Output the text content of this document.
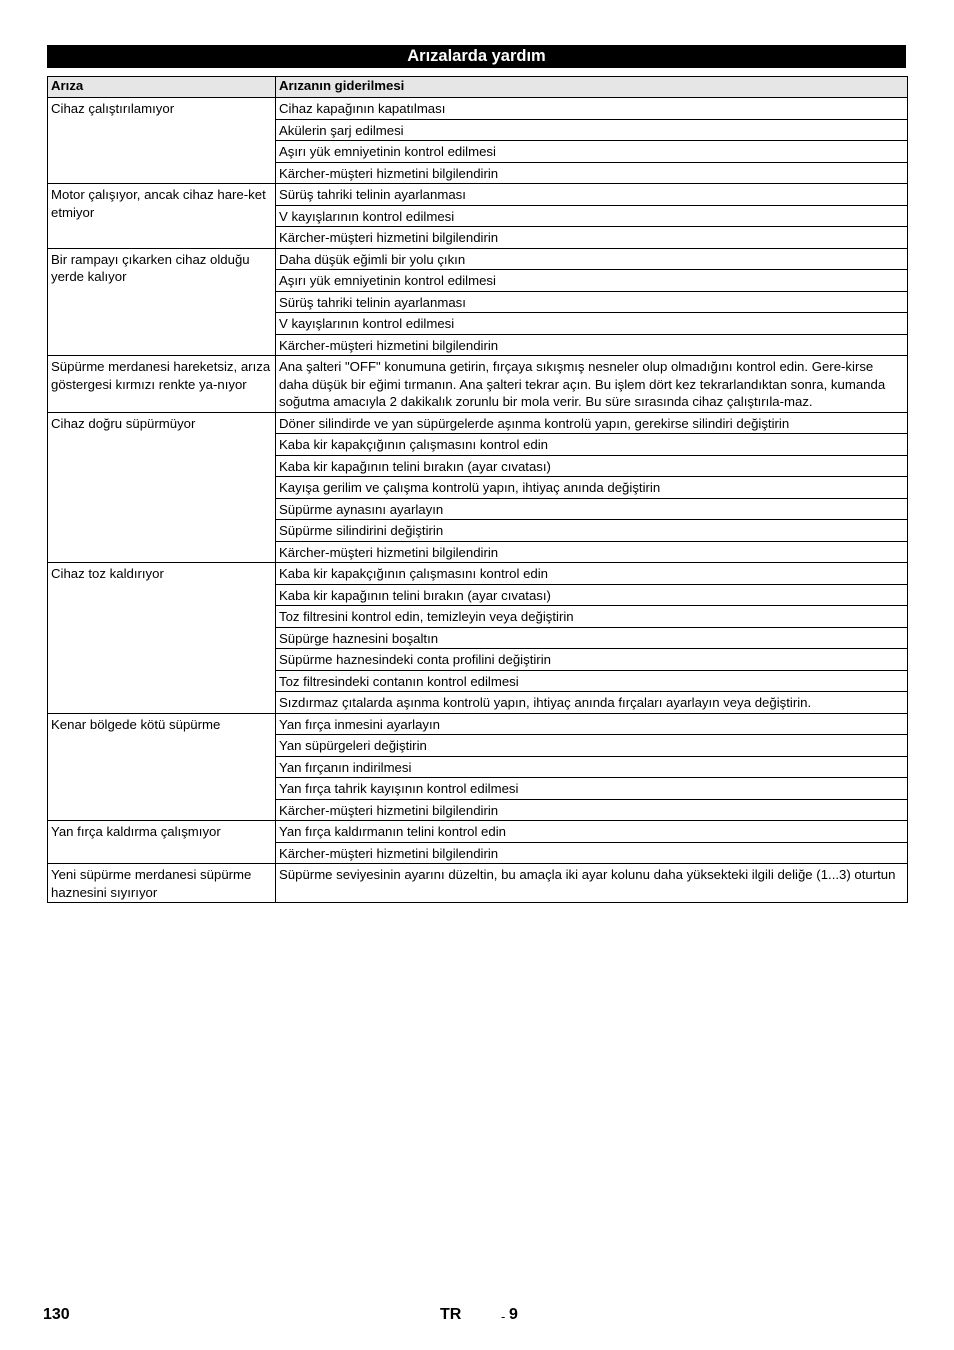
Arızalarda yardım
Arıza	Arızanın giderilmesi
Cihaz çalıştırılamıyor	Cihaz kapağının kapatılması
	Akülerin şarj edilmesi
	Aşırı yük emniyetinin kontrol edilmesi
	Kärcher-müşteri hizmetini bilgilendirin
Motor çalışıyor, ancak cihaz hare-ket etmiyor	Sürüş tahriki telinin ayarlanması
	V kayışlarının kontrol edilmesi
	Kärcher-müşteri hizmetini bilgilendirin
Bir rampayı çıkarken cihaz olduğu yerde kalıyor	Daha düşük eğimli bir yolu çıkın
	Aşırı yük emniyetinin kontrol edilmesi
	Sürüş tahriki telinin ayarlanması
	V kayışlarının kontrol edilmesi
	Kärcher-müşteri hizmetini bilgilendirin
Süpürme merdanesi hareketsiz, arıza göstergesi kırmızı renkte ya-nıyor	Ana şalteri "OFF" konumuna getirin, fırçaya sıkışmış nesneler olup olmadığını kontrol edin. Gere-kirse daha düşük bir eğimi tırmanın. Ana şalteri tekrar açın. Bu işlem dört kez tekrarlandıktan sonra, kumanda soğutma amacıyla 2 dakikalık zorunlu bir mola verir. Bu süre sırasında cihaz çalıştırıla-maz.
Cihaz doğru süpürmüyor	Döner silindirde ve yan süpürgelerde aşınma kontrolü yapın, gerekirse silindiri değiştirin
	Kaba kir kapakçığının çalışmasını kontrol edin
	Kaba kir kapağının telini bırakın (ayar cıvatası)
	Kayışa gerilim ve çalışma kontrolü yapın, ihtiyaç anında değiştirin
	Süpürme aynasını ayarlayın
	Süpürme silindirini değiştirin
	Kärcher-müşteri hizmetini bilgilendirin
Cihaz toz kaldırıyor	Kaba kir kapakçığının çalışmasını kontrol edin
	Kaba kir kapağının telini bırakın (ayar cıvatası)
	Toz filtresini kontrol edin, temizleyin veya değiştirin
	Süpürge haznesini boşaltın
	Süpürme haznesindeki conta profilini değiştirin
	Toz filtresindeki contanın kontrol edilmesi
	Sızdırmaz çıtalarda aşınma kontrolü yapın, ihtiyaç anında fırçaları ayarlayın veya değiştirin.
Kenar bölgede kötü süpürme	Yan fırça inmesini ayarlayın
	Yan süpürgeleri değiştirin
	Yan fırçanın indirilmesi
	Yan fırça tahrik kayışının kontrol edilmesi
	Kärcher-müşteri hizmetini bilgilendirin
Yan fırça kaldırma çalışmıyor	Yan fırça kaldırmanın telini kontrol edin
	Kärcher-müşteri hizmetini bilgilendirin
Yeni süpürme merdanesi süpürme haznesini sıyırıyor	Süpürme seviyesinin ayarını düzeltin, bu amaçla iki ayar kolunu daha yüksekteki ilgili deliğe (1...3) oturtun
130	TR	- 9
